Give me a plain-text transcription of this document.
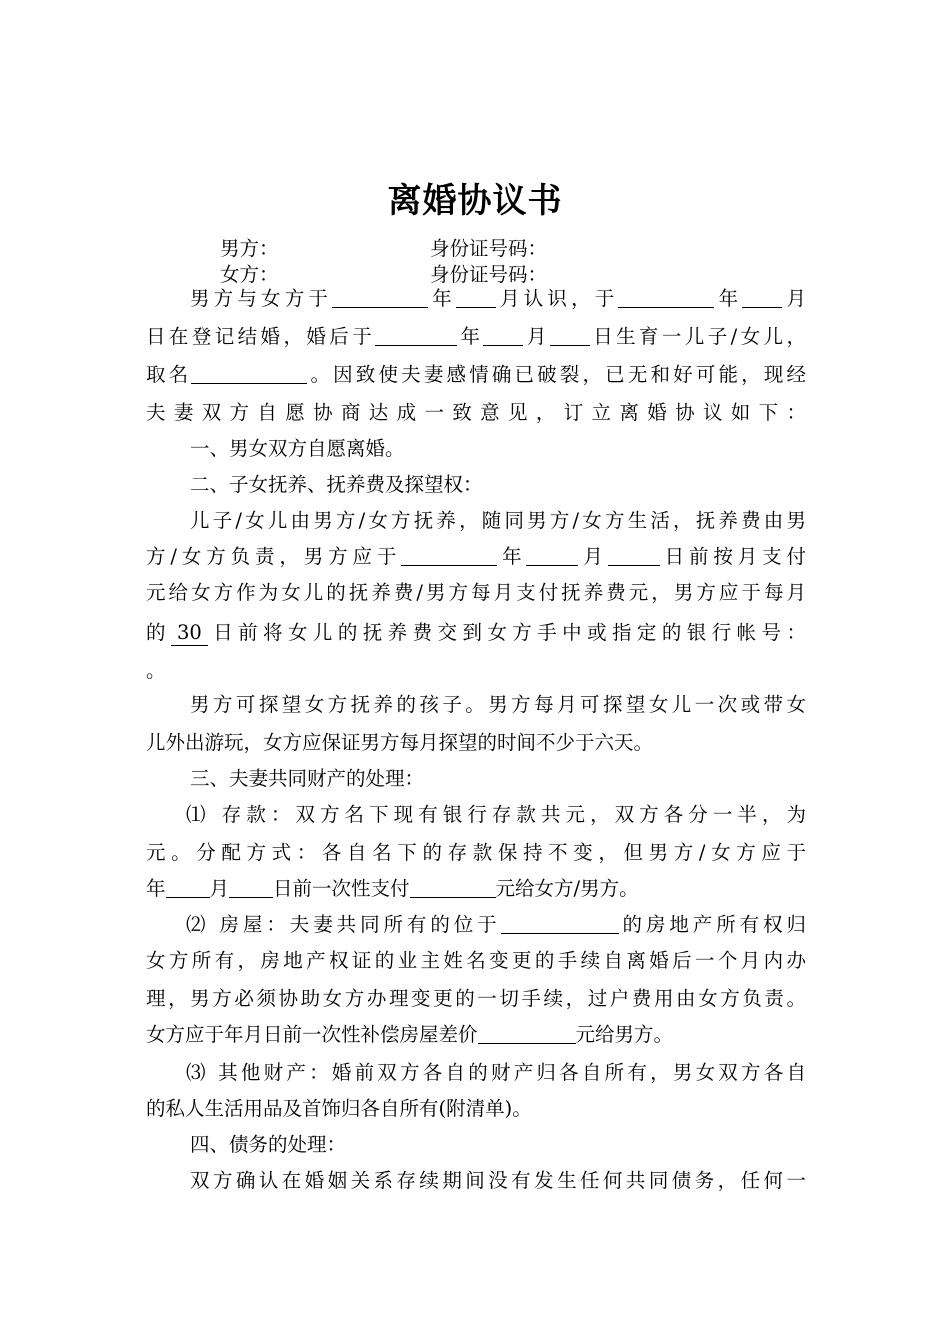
离婚协议书
男方：	身份证号码：
女方：	身份证号码：
男方与女方于	年 月认识，于	年 月
日在登记结婚，婚后于	年 月 日生育一儿子/女儿，
取名	。因致使夫妻感情确已破裂，已无和好可能，现经
夫妻双方自愿协商达成一致意见，订立离婚协议如下：
一、男女双方自愿离婚。
二、子女抚养、抚养费及探望权：
儿子/女儿由男方/女方抚养，随同男方/女方生活，抚养费由男
方/女方负责，男方应于	年	月	日前按月支付
元给女方作为女儿的抚养费/男方每月支付抚养费元，男方应于每月
的 30 日前将女儿的抚养费交到女方手中或指定的银行帐号：
。
男方可探望女方抚养的孩子。男方每月可探望女儿一次或带女
儿外出游玩，女方应保证男方每月探望的时间不少于六天。
三、夫妻共同财产的处理：
⑴ 存款：双方名下现有银行存款共元，双方各分一半，为
元。分配方式：各自名下的存款保持不变，但男方/女方应于
年 月 日前一次性支付	元给女方/男方。
⑵ 房屋：夫妻共同所有的位于	的房地产所有权归
女方所有，房地产权证的业主姓名变更的手续自离婚后一个月内办
理，男方必须协助女方办理变更的一切手续，过户费用由女方负责。
女方应于年月日前一次性补偿房屋差价	元给男方。
⑶ 其他财产：婚前双方各自的财产归各自所有，男女双方各自
的私人生活用品及首饰归各自所有(附清单)。
四、债务的处理：
双方确认在婚姻关系存续期间没有发生任何共同债务，任何一
